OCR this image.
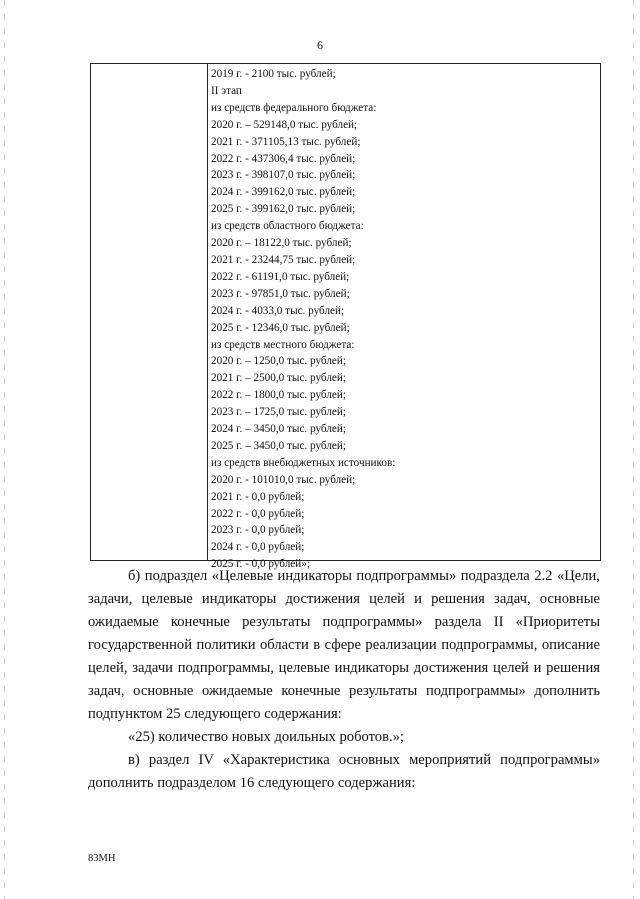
6
2019 г. - 2100 тыс. рублей;
II этап
из средств федерального бюджета:
2020 г. – 529148,0 тыс. рублей;
2021 г. - 371105,13 тыс. рублей;
2022 г. - 437306,4 тыс. рублей;
2023 г. - 398107,0 тыс. рублей;
2024 г. - 399162,0 тыс. рублей;
2025 г. - 399162,0 тыс. рублей;
из средств областного бюджета:
2020 г. – 18122,0 тыс. рублей;
2021 г. - 23244,75 тыс. рублей;
2022 г. - 61191,0 тыс. рублей;
2023 г. - 97851,0 тыс. рублей;
2024 г. - 4033,0 тыс. рублей;
2025 г. - 12346,0 тыс. рублей;
из средств местного бюджета:
2020 г. – 1250,0 тыс. рублей;
2021 г. – 2500,0 тыс. рублей;
2022 г. – 1800,0 тыс. рублей;
2023 г. – 1725,0 тыс. рублей;
2024 г. – 3450,0 тыс. рублей;
2025 г. – 3450,0 тыс. рублей;
из средств внебюджетных источников:
2020 г. - 101010,0 тыс. рублей;
2021 г. - 0,0 рублей;
2022 г. - 0,0 рублей;
2023 г. - 0,0 рублей;
2024 г. - 0,0 рублей;
2025 г. - 0,0 рублей»;
б) подраздел «Целевые индикаторы подпрограммы» подраздела 2.2 «Цели, задачи, целевые индикаторы достижения целей и решения задач, основные ожидаемые конечные результаты подпрограммы» раздела II «Приоритеты государственной политики области в сфере реализации подпрограммы, описание целей, задачи подпрограммы, целевые индикаторы достижения целей и решения задач, основные ожидаемые конечные результаты подпрограммы» дополнить подпунктом 25 следующего содержания:
«25) количество новых доильных роботов.»;
в) раздел IV «Характеристика основных мероприятий подпрограммы» дополнить подразделом 16 следующего содержания:
83МН
